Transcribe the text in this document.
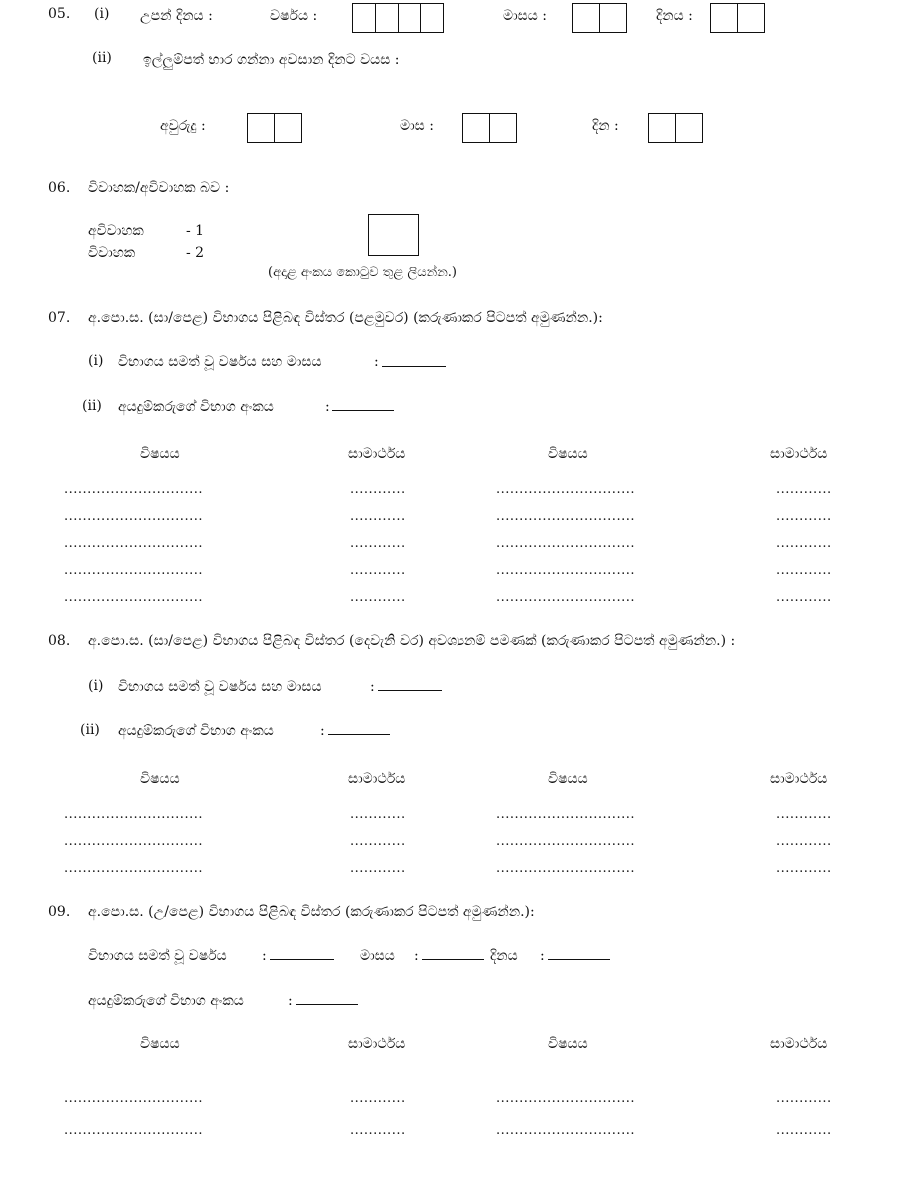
05. (i) උපන් දිනය :	වර්ෂය :	මාසය :	දිනය :
(ii) ඉල්ලුම්පත් භාර ගන්නා අවසාන දිනට වයස :
අවුරුදු :	මාස :	දින :
06. විවාහක/අවිවාහක බව :
අවිවාහක	- 1
විවාහක	- 2
(අදාළ අංකය කොටුව තුළ ලියන්න.)
07. අ.පො.ස. (සා/පෙළ) විභාගය පිළිබඳ විස්තර (පළමුවර) (කරුණාකර පිටපත් අමුණන්න.):
(i) විභාගය සමත් වූ වර්ෂය සහ මාසය	:
(ii) අයදුම්කරුගේ විභාග අංකය	:
විෂයය	සාමාර්ථය	විෂයය	සාමාර්ථය
..............................	............	..............................	............
..............................	............	..............................	............
..............................	............	..............................	............
..............................	............	..............................	............
..............................	............	..............................	............
08. අ.පො.ස. (සා/පෙළ) විභාගය පිළිබඳ විස්තර (දෙවැනි වර) අවශ්‍යනම් පමණක් (කරුණාකර පිටපත් අමුණන්න.) :
(i) විභාගය සමත් වූ වර්ෂය සහ මාසය	:
(ii) අයදුම්කරුගේ විභාග අංකය	:
විෂයය	සාමාර්ථය	විෂයය	සාමාර්ථය
..............................	............	..............................	............
..............................	............	..............................	............
..............................	............	..............................	............
09. අ.පො.ස. (උ/පෙළ) විභාගය පිළිබඳ විස්තර (කරුණාකර පිටපත් අමුණන්න.):
විභාගය සමත් වූ වර්ෂය	:	මාසය :	දිනය :
අයදුම්කරුගේ විභාග අංකය	:
විෂයය	සාමාර්ථය	විෂයය	සාමාර්ථය
..............................	............	..............................	............
..............................	............	..............................	............
